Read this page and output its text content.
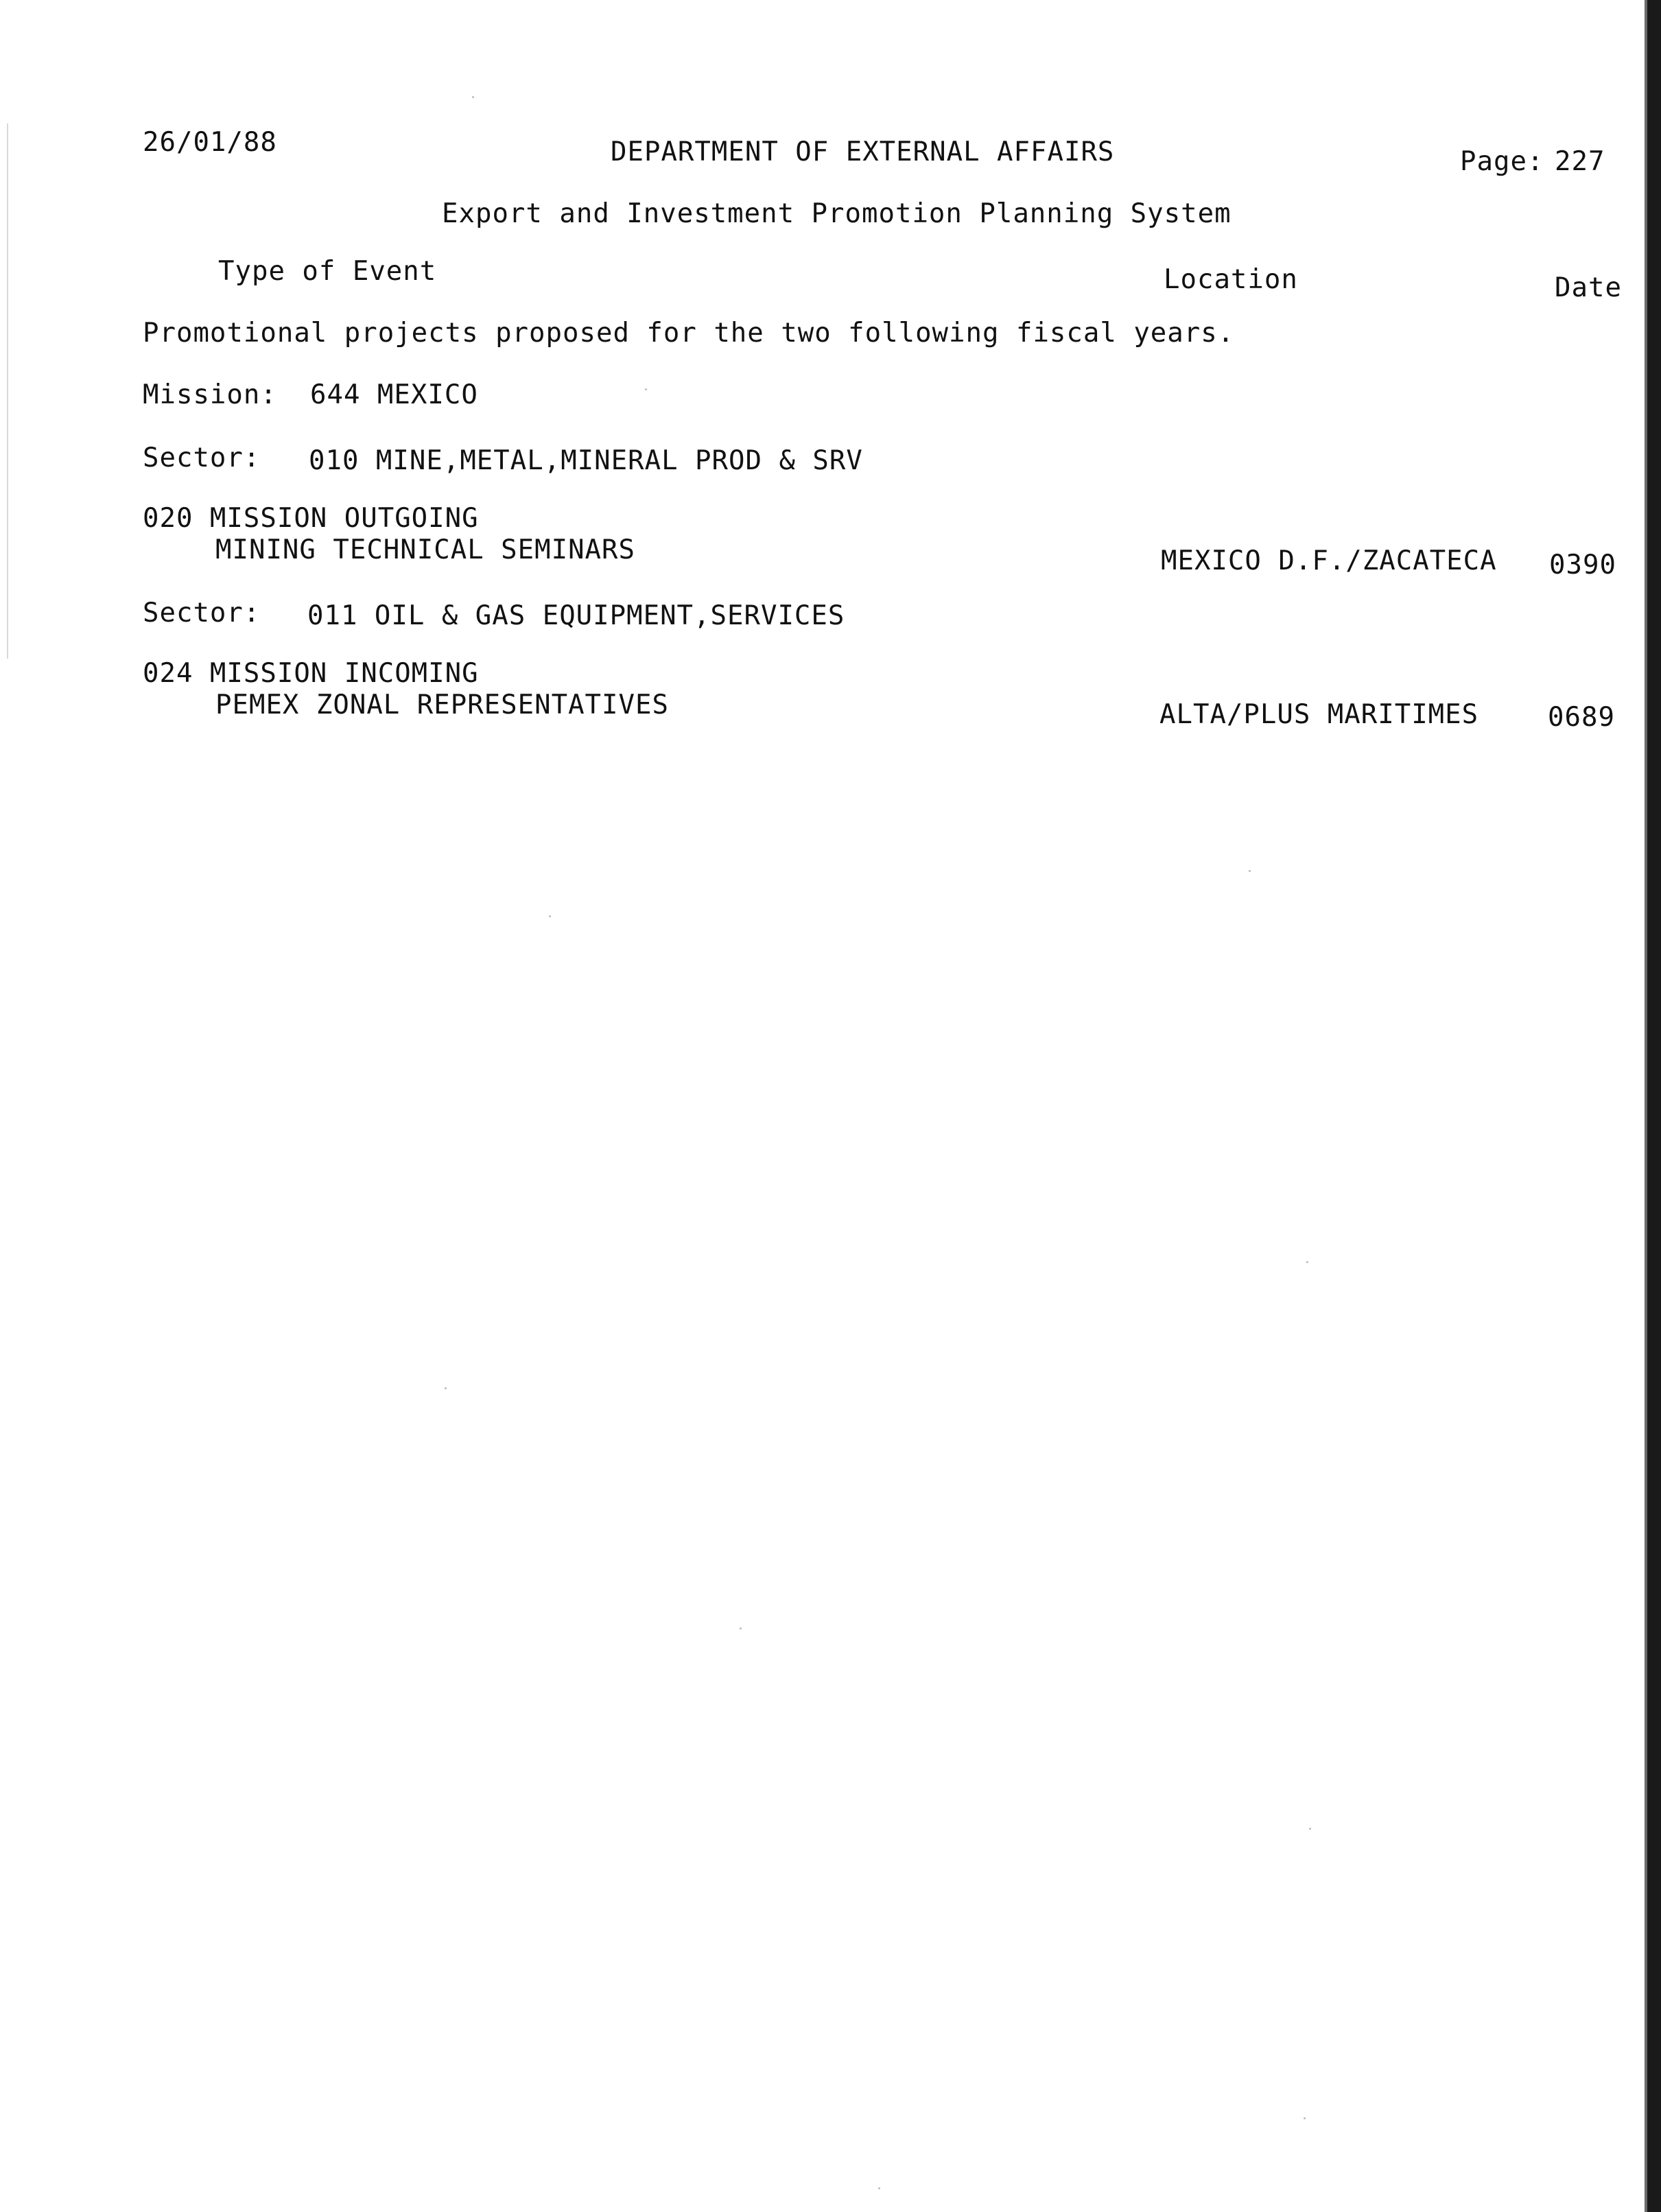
26/01/88	DEPARTMENT OF EXTERNAL AFFAIRS	Page: 227
Export and Investment Promotion Planning System
Type of Event	Location	Date
Promotional projects proposed for the two following fiscal years.
Mission: 644 MEXICO
Sector: 010 MINE,METAL,MINERAL PROD & SRV
020 MISSION OUTGOING
MINING TECHNICAL SEMINARS	MEXICO D.F./ZACATECA 0390
Sector: 011 OIL & GAS EQUIPMENT,SERVICES
024 MISSION INCOMING
PEMEX ZONAL REPRESENTATIVES	ALTA/PLUS MARITIMES	0689
